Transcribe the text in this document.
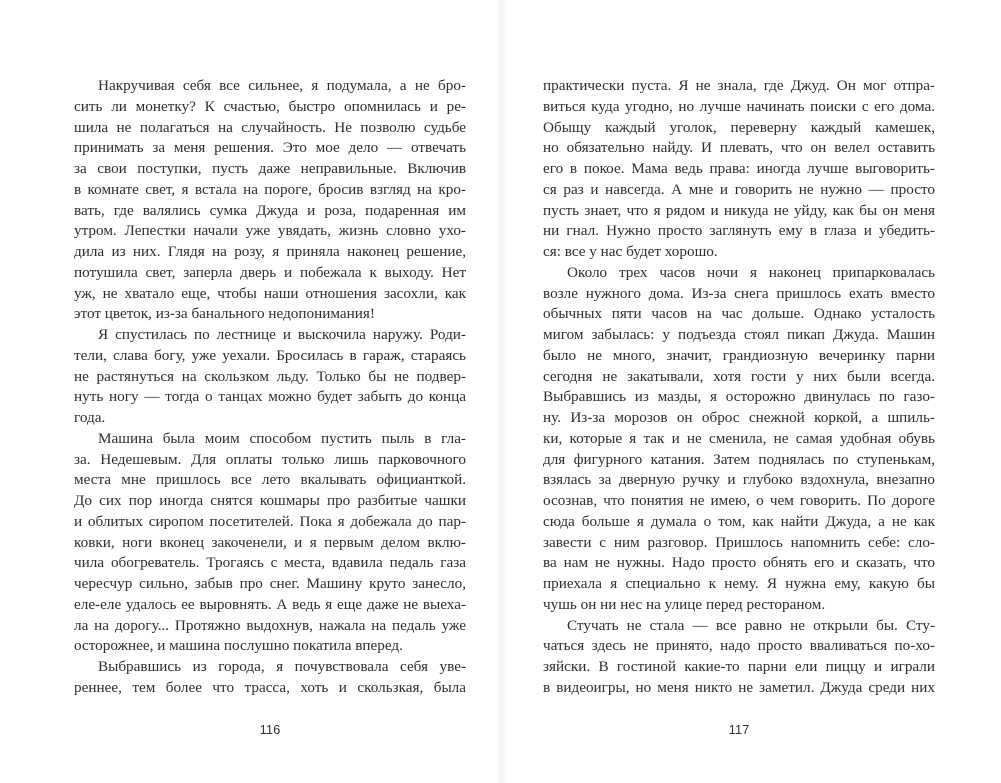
Накручивая себя все сильнее, я подумала, а не бро-
сить ли монетку? К счастью, быстро опомнилась и ре-
шила не полагаться на случайность. Не позволю судьбе
принимать за меня решения. Это мое дело — отвечать
за свои поступки, пусть даже неправильные. Включив
в комнате свет, я встала на пороге, бросив взгляд на кро-
вать, где валялись сумка Джуда и роза, подаренная им
утром. Лепестки начали уже увядать, жизнь словно ухо-
дила из них. Глядя на розу, я приняла наконец решение,
потушила свет, заперла дверь и побежала к выходу. Нет
уж, не хватало еще, чтобы наши отношения засохли, как
этот цветок, из-за банального недопонимания!
Я спустилась по лестнице и выскочила наружу. Роди-
тели, слава богу, уже уехали. Бросилась в гараж, стараясь
не растянуться на скользком льду. Только бы не подвер-
нуть ногу — тогда о танцах можно будет забыть до конца
года.
Машина была моим способом пустить пыль в гла-
за. Недешевым. Для оплаты только лишь парковочного
места мне пришлось все лето вкалывать официанткой.
До сих пор иногда снятся кошмары про разбитые чашки
и облитых сиропом посетителей. Пока я добежала до пар-
ковки, ноги вконец закоченели, и я первым делом вклю-
чила обогреватель. Трогаясь с места, вдавила педаль газа
чересчур сильно, забыв про снег. Машину круто занесло,
еле-еле удалось ее выровнять. А ведь я еще даже не выеха-
ла на дорогу... Протяжно выдохнув, нажала на педаль уже
осторожнее, и машина послушно покатила вперед.
Выбравшись из города, я почувствовала себя уве-
реннее, тем более что трасса, хоть и скользкая, была
практически пуста. Я не знала, где Джуд. Он мог отпра-
виться куда угодно, но лучше начинать поиски с его дома.
Обыщу каждый уголок, переверну каждый камешек,
но обязательно найду. И плевать, что он велел оставить
его в покое. Мама ведь права: иногда лучше выговорить-
ся раз и навсегда. А мне и говорить не нужно — просто
пусть знает, что я рядом и никуда не уйду, как бы он меня
ни гнал. Нужно просто заглянуть ему в глаза и убедить-
ся: все у нас будет хорошо.
Около трех часов ночи я наконец припарковалась
возле нужного дома. Из-за снега пришлось ехать вместо
обычных пяти часов на час дольше. Однако усталость
мигом забылась: у подъезда стоял пикап Джуда. Машин
было не много, значит, грандиозную вечеринку парни
сегодня не закатывали, хотя гости у них были всегда.
Выбравшись из мазды, я осторожно двинулась по газо-
ну. Из-за морозов он оброс снежной коркой, а шпиль-
ки, которые я так и не сменила, не самая удобная обувь
для фигурного катания. Затем поднялась по ступенькам,
взялась за дверную ручку и глубоко вздохнула, внезапно
осознав, что понятия не имею, о чем говорить. По дороге
сюда больше я думала о том, как найти Джуда, а не как
завести с ним разговор. Пришлось напомнить себе: сло-
ва нам не нужны. Надо просто обнять его и сказать, что
приехала я специально к нему. Я нужна ему, какую бы
чушь он ни нес на улице перед рестораном.
Стучать не стала — все равно не открыли бы. Сту-
чаться здесь не принято, надо просто вваливаться по-хо-
зяйски. В гостиной какие-то парни ели пиццу и играли
в видеоигры, но меня никто не заметил. Джуда среди них
116	117
